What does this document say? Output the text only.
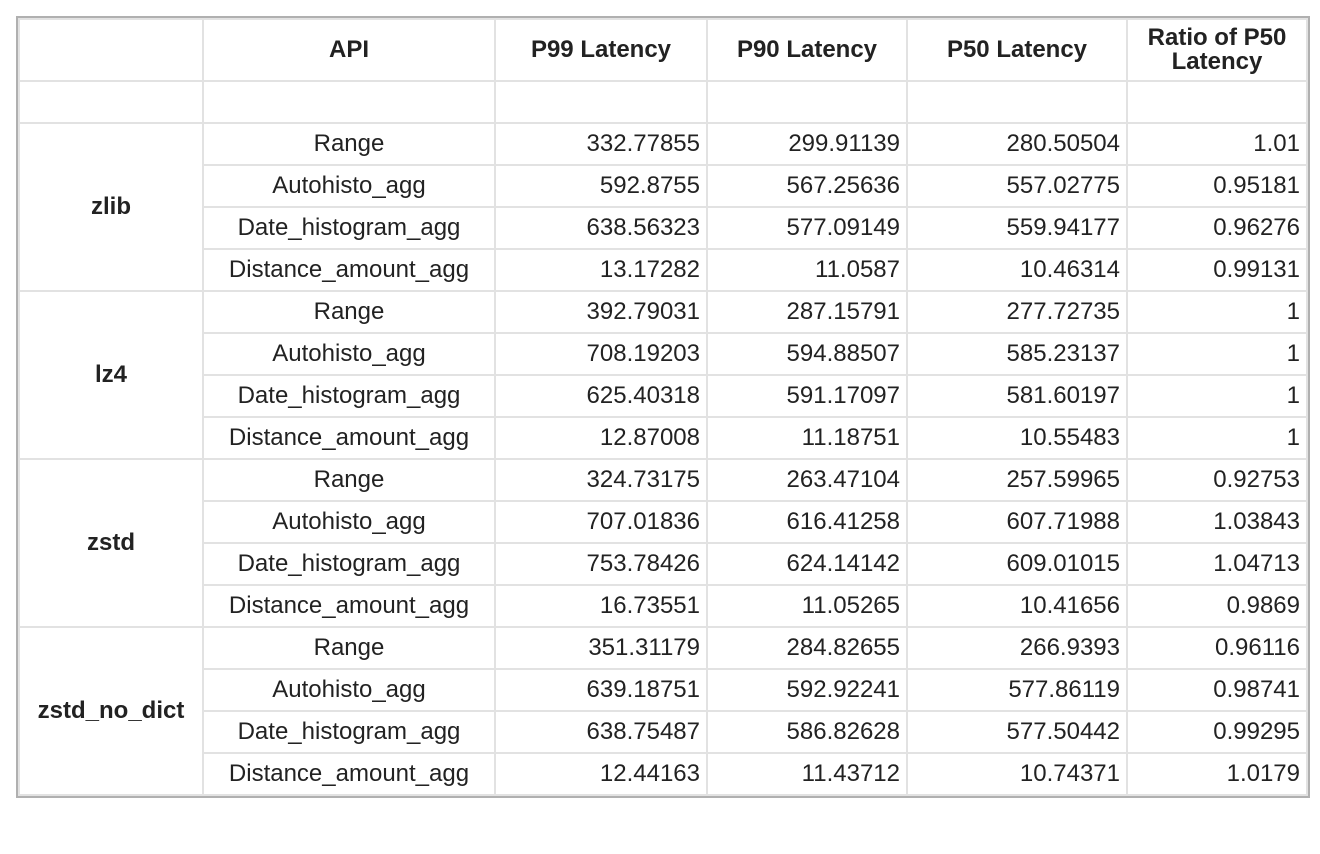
	API	P99 Latency	P90 Latency	P50 Latency	Ratio of P50 Latency

zlib	Range	332.77855	299.91139	280.50504	1.01
	Autohisto_agg	592.8755	567.25636	557.02775	0.95181
	Date_histogram_agg	638.56323	577.09149	559.94177	0.96276
	Distance_amount_agg	13.17282	11.0587	10.46314	0.99131
lz4	Range	392.79031	287.15791	277.72735	1
	Autohisto_agg	708.19203	594.88507	585.23137	1
	Date_histogram_agg	625.40318	591.17097	581.60197	1
	Distance_amount_agg	12.87008	11.18751	10.55483	1
zstd	Range	324.73175	263.47104	257.59965	0.92753
	Autohisto_agg	707.01836	616.41258	607.71988	1.03843
	Date_histogram_agg	753.78426	624.14142	609.01015	1.04713
	Distance_amount_agg	16.73551	11.05265	10.41656	0.9869
zstd_no_dict	Range	351.31179	284.82655	266.9393	0.96116
	Autohisto_agg	639.18751	592.92241	577.86119	0.98741
	Date_histogram_agg	638.75487	586.82628	577.50442	0.99295
	Distance_amount_agg	12.44163	11.43712	10.74371	1.0179
